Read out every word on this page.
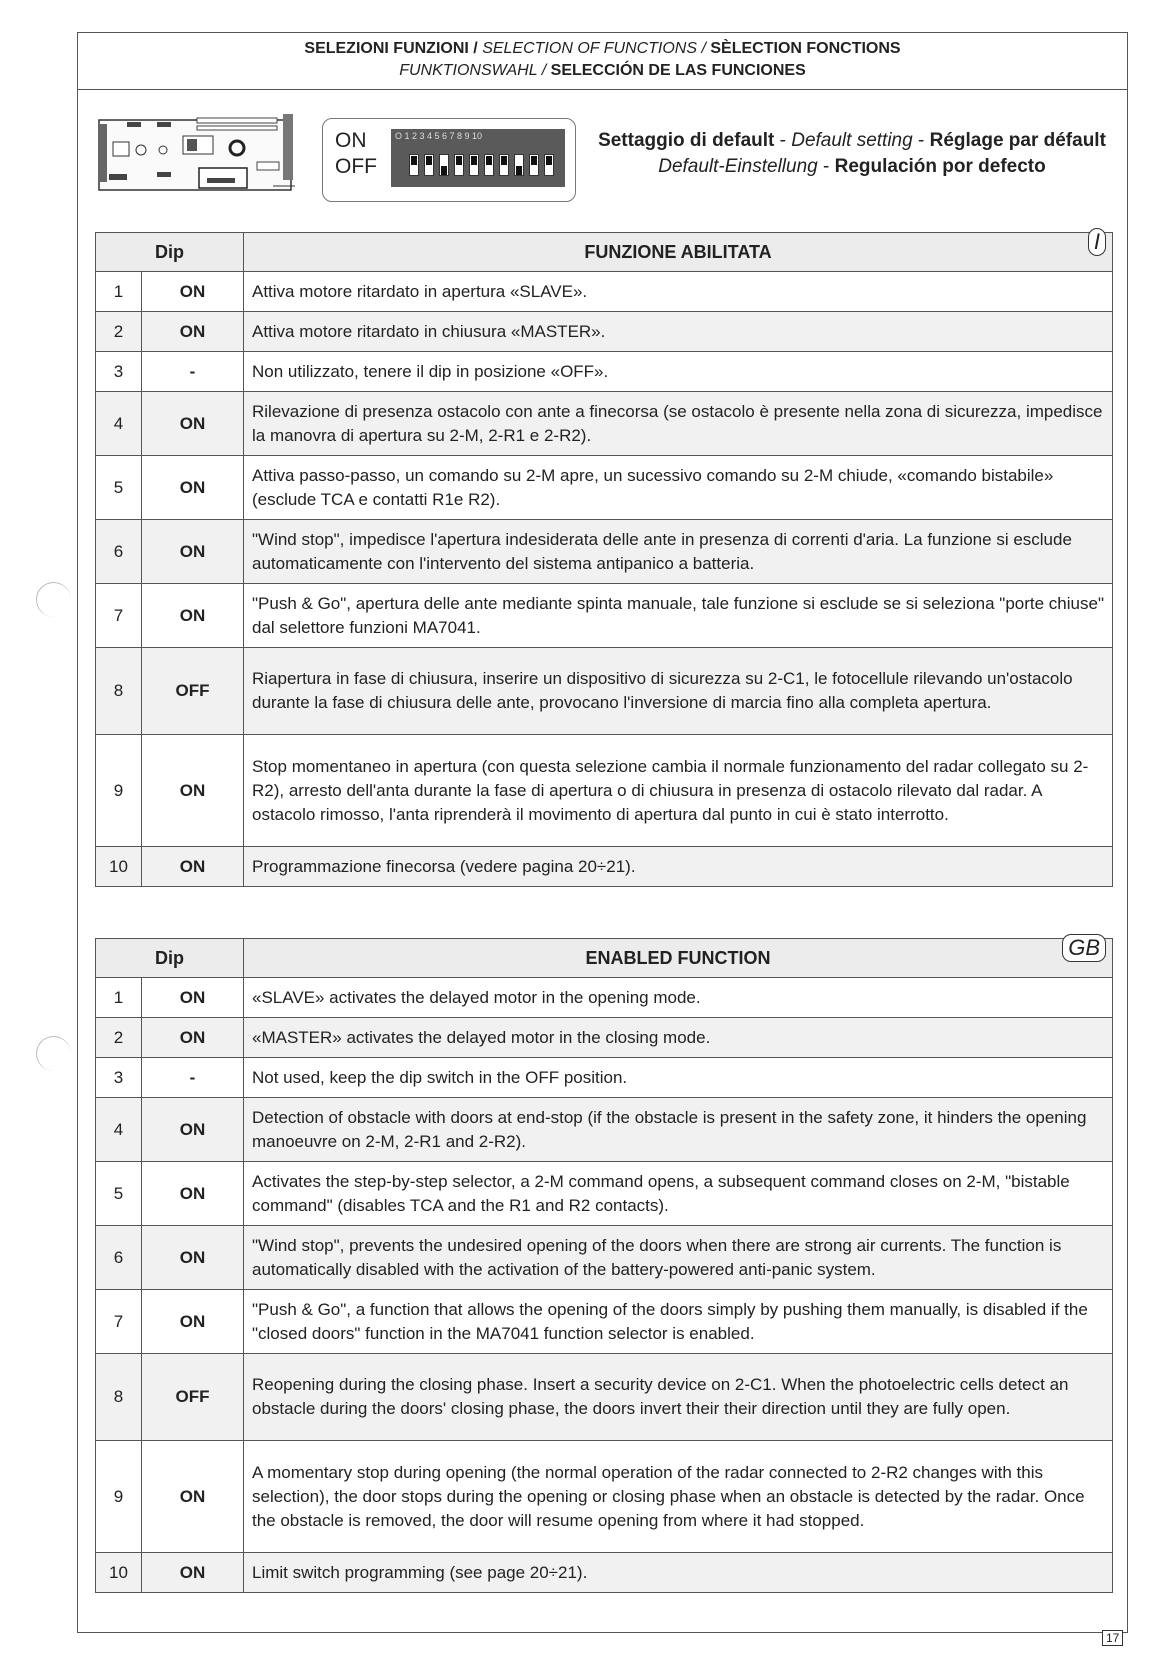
SELEZIONI FUNZIONI / SELECTION OF FUNCTIONS / SÈLECTION FONCTIONS
FUNKTIONSWAHL / SELECCIÓN DE LAS FUNCIONES
ON
OFF
O 1 2 3 4 5 6 7 8 9 10	Settaggio di default - Default setting - Réglage par défault
Default-Einstellung - Regulación por defecto
Dip		FUNZIONE ABILITATA I

1	ON	Attiva motore ritardato in apertura «SLAVE».
2	ON	Attiva motore ritardato in chiusura «MASTER».
3	-	Non utilizzato, tenere il dip in posizione «OFF».
4	ON	Rilevazione di presenza ostacolo con ante a finecorsa (se ostacolo è presente nella zona di sicurezza, impedisce la manovra di apertura su 2-M, 2-R1 e 2-R2).
5	ON	Attiva passo-passo, un comando su 2-M apre, un sucessivo comando su 2-M chiude, «comando bistabile» (esclude TCA e contatti R1e R2).
6	ON	"Wind stop", impedisce l'apertura indesiderata delle ante in presenza di correnti d'aria. La funzione si esclude automaticamente con l'intervento del sistema antipanico a batteria.
7	ON	"Push & Go", apertura delle ante mediante spinta manuale, tale funzione si esclude se si seleziona "porte chiuse" dal selettore funzioni MA7041.
8	OFF	Riapertura in fase di chiusura, inserire un dispositivo di sicurezza su 2-C1, le fotocellule rilevando un'ostacolo durante la fase di chiusura delle ante, provocano l'inversione di marcia fino alla completa apertura.
9	ON	Stop momentaneo in apertura (con questa selezione cambia il normale funzionamento del radar collegato su 2-R2), arresto dell'anta durante la fase di apertura o di chiusura in presenza di ostacolo rilevato dal radar. A ostacolo rimosso, l'anta riprenderà il movimento di apertura dal punto in cui è stato interrotto.
10	ON	Programmazione finecorsa (vedere pagina 20÷21).
Dip		ENABLED FUNCTION GB

1	ON	«SLAVE» activates the delayed motor in the opening mode.
2	ON	«MASTER» activates the delayed motor in the closing mode.
3	-	Not used, keep the dip switch in the OFF position.
4	ON	Detection of obstacle with doors at end-stop (if the obstacle is present in the safety zone, it hinders the opening manoeuvre on 2-M, 2-R1 and 2-R2).
5	ON	Activates the step-by-step selector, a 2-M command opens, a subsequent command closes on 2-M, "bistable command" (disables TCA and the R1 and R2 contacts).
6	ON	"Wind stop", prevents the undesired opening of the doors when there are strong air currents. The function is automatically disabled with the activation of the battery-powered anti-panic system.
7	ON	"Push & Go", a function that allows the opening of the doors simply by pushing them manually, is disabled if the "closed doors" function in the MA7041 function selector is enabled.
8	OFF	Reopening during the closing phase. Insert a security device on 2-C1. When the photoelectric cells detect an obstacle during the doors' closing phase, the doors invert their their direction until they are fully open.
9	ON	A momentary stop during opening (the normal operation of the radar connected to 2-R2 changes with this selection), the door stops during the opening or closing phase when an obstacle is detected by the radar. Once the obstacle is removed, the door will resume opening from where it had stopped.
10	ON	Limit switch programming (see page 20÷21).
17
